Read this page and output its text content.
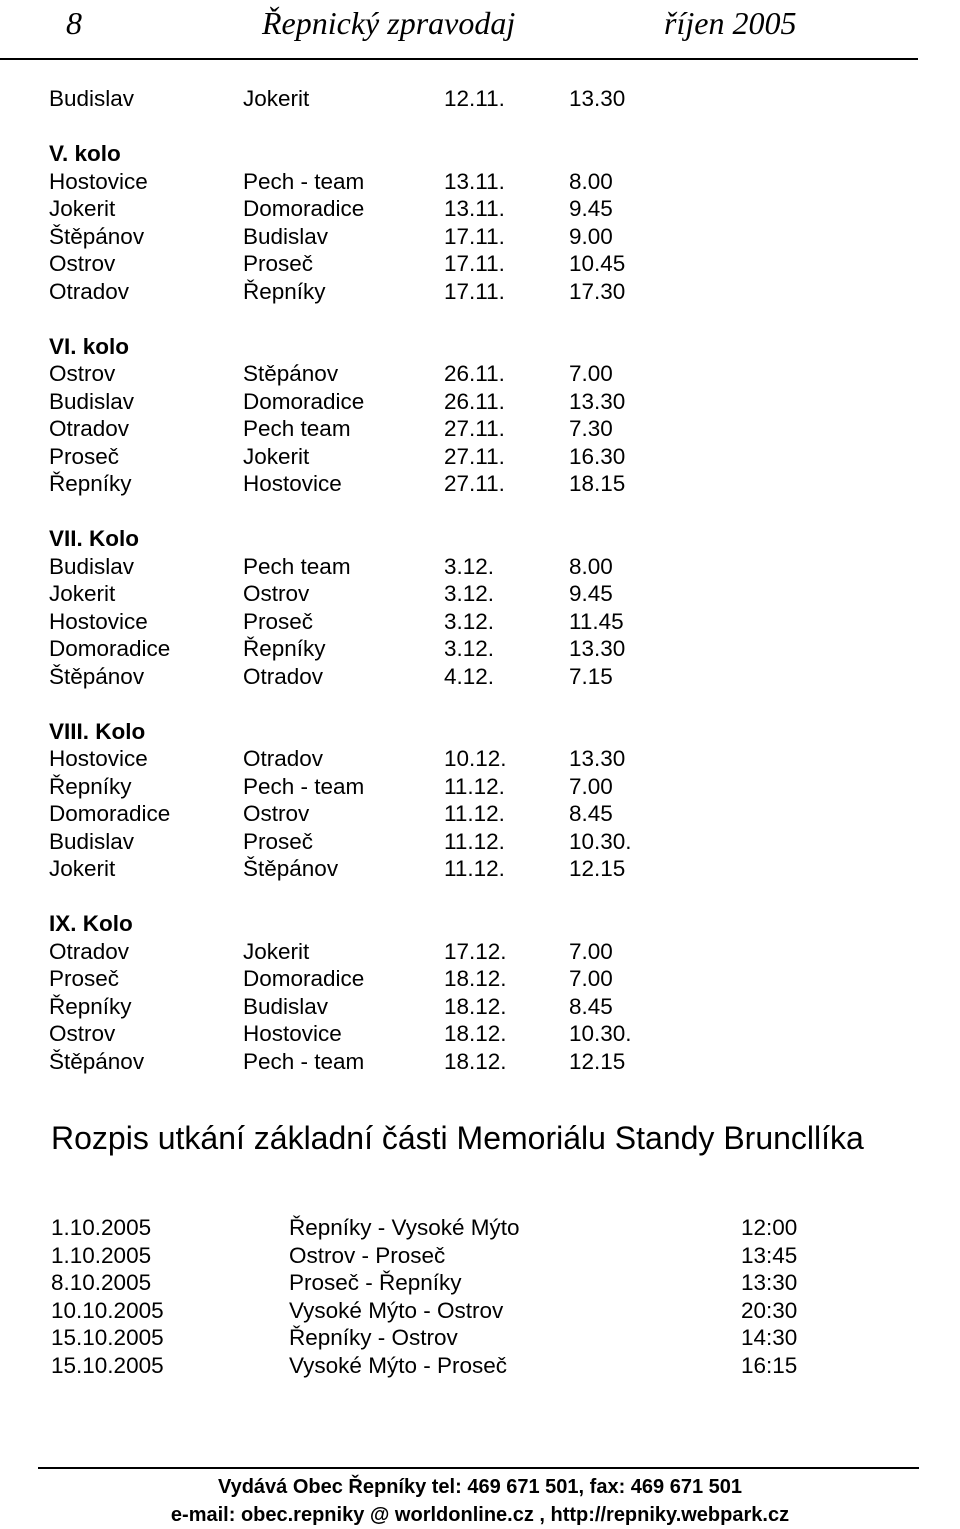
8	Řepnický zpravodaj	říjen 2005
Budislav	Jokerit	12.11.	13.30
V. kolo
Hostovice	Pech - team	13.11.	8.00
Jokerit	Domoradice	13.11.	9.45
Štěpánov	Budislav	17.11.	9.00
Ostrov	Proseč	17.11.	10.45
Otradov	Řepníky	17.11.	17.30
VI. kolo
Ostrov	Stěpánov	26.11.	7.00
Budislav	Domoradice	26.11.	13.30
Otradov	Pech team	27.11.	7.30
Proseč	Jokerit	27.11.	16.30
Řepníky	Hostovice	27.11.	18.15
VII. Kolo
Budislav	Pech team	3.12.	8.00
Jokerit	Ostrov	3.12.	9.45
Hostovice	Proseč	3.12.	11.45
Domoradice	Řepníky	3.12.	13.30
Štěpánov	Otradov	4.12.	7.15
VIII. Kolo
Hostovice	Otradov	10.12.	13.30
Řepníky	Pech - team	11.12.	7.00
Domoradice	Ostrov	11.12.	8.45
Budislav	Proseč	11.12.	10.30.
Jokerit	Štěpánov	11.12.	12.15
IX. Kolo
Otradov	Jokerit	17.12.	7.00
Proseč	Domoradice	18.12.	7.00
Řepníky	Budislav	18.12.	8.45
Ostrov	Hostovice	18.12.	10.30.
Štěpánov	Pech - team	18.12.	12.15
Rozpis utkání základní části Memoriálu Standy Bruncllíka
1.10.2005	Řepníky - Vysoké Mýto	12:00
1.10.2005	Ostrov - Proseč	13:45
8.10.2005	Proseč - Řepníky	13:30
10.10.2005	Vysoké Mýto - Ostrov	20:30
15.10.2005	Řepníky - Ostrov	14:30
15.10.2005	Vysoké Mýto - Proseč	16:15
Vydává Obec Řepníky tel: 469 671 501, fax: 469 671 501
e-mail: obec.repniky @ worldonline.cz , http://repniky.webpark.cz
